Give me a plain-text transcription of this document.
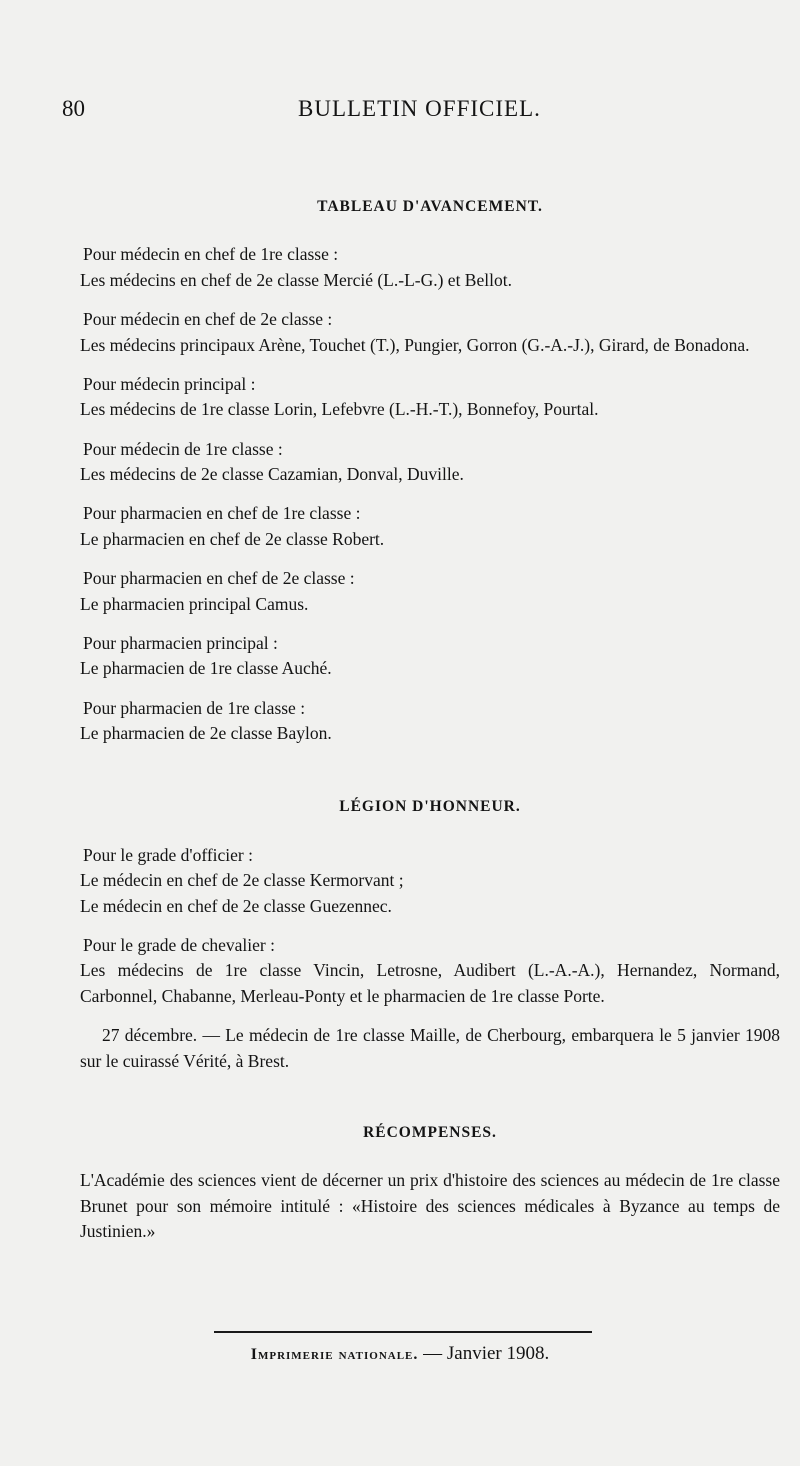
80	BULLETIN OFFICIEL.
TABLEAU D'AVANCEMENT.

Pour médecin en chef de 1re classe :

Les médecins en chef de 2e classe Mercié (L.-L-G.) et Bellot.

Pour médecin en chef de 2e classe :

Les médecins principaux Arène, Touchet (T.), Pungier, Gorron (G.-A.-J.), Girard, de Bonadona.

Pour médecin principal :

Les médecins de 1re classe Lorin, Lefebvre (L.-H.-T.), Bonnefoy, Pourtal.

Pour médecin de 1re classe :

Les médecins de 2e classe Cazamian, Donval, Duville.

Pour pharmacien en chef de 1re classe :

Le pharmacien en chef de 2e classe Robert.

Pour pharmacien en chef de 2e classe :

Le pharmacien principal Camus.

Pour pharmacien principal :

Le pharmacien de 1re classe Auché.

Pour pharmacien de 1re classe :

Le pharmacien de 2e classe Baylon.

LÉGION D'HONNEUR.

Pour le grade d'officier :

Le médecin en chef de 2e classe Kermorvant ;

Le médecin en chef de 2e classe Guezennec.

Pour le grade de chevalier :

Les médecins de 1re classe Vincin, Letrosne, Audibert (L.-A.-A.), Hernandez, Normand, Carbonnel, Chabanne, Merleau-Ponty et le pharmacien de 1re classe Porte.

27 décembre. — Le médecin de 1re classe Maille, de Cherbourg, embarquera le 5 janvier 1908 sur le cuirassé Vérité, à Brest.

RÉCOMPENSES.

L'Académie des sciences vient de décerner un prix d'histoire des sciences au médecin de 1re classe Brunet pour son mémoire intitulé : «Histoire des sciences médicales à Byzance au temps de Justinien.»

Imprimerie nationale. — Janvier 1908.
